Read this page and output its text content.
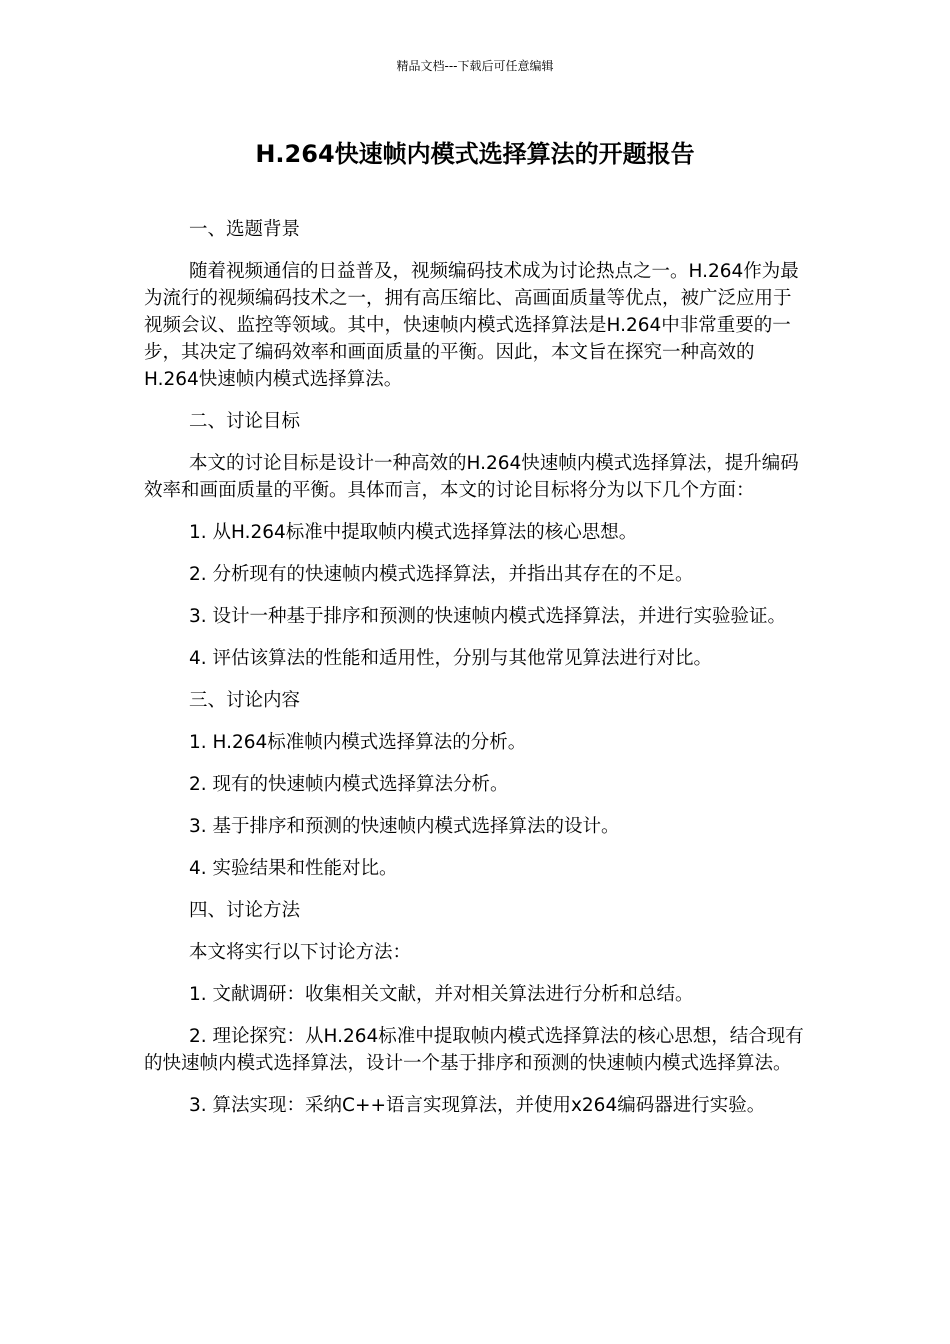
精品文档---下载后可任意编辑
H.264快速帧内模式选择算法的开题报告

一、选题背景

随着视频通信的日益普及，视频编码技术成为讨论热点之一。H.264作为最为流行的视频编码技术之一，拥有高压缩比、高画面质量等优点，被广泛应用于视频会议、监控等领域。其中，快速帧内模式选择算法是H.264中非常重要的一步，其决定了编码效率和画面质量的平衡。因此，本文旨在探究一种高效的H.264快速帧内模式选择算法。

二、讨论目标

本文的讨论目标是设计一种高效的H.264快速帧内模式选择算法，提升编码效率和画面质量的平衡。具体而言，本文的讨论目标将分为以下几个方面：

1. 从H.264标准中提取帧内模式选择算法的核心思想。

2. 分析现有的快速帧内模式选择算法，并指出其存在的不足。

3. 设计一种基于排序和预测的快速帧内模式选择算法，并进行实验验证。

4. 评估该算法的性能和适用性，分别与其他常见算法进行对比。

三、讨论内容

1. H.264标准帧内模式选择算法的分析。

2. 现有的快速帧内模式选择算法分析。

3. 基于排序和预测的快速帧内模式选择算法的设计。

4. 实验结果和性能对比。

四、讨论方法

本文将实行以下讨论方法：

1. 文献调研：收集相关文献，并对相关算法进行分析和总结。

2. 理论探究：从H.264标准中提取帧内模式选择算法的核心思想，结合现有的快速帧内模式选择算法，设计一个基于排序和预测的快速帧内模式选择算法。

3. 算法实现：采纳C++语言实现算法，并使用x264编码器进行实验。
